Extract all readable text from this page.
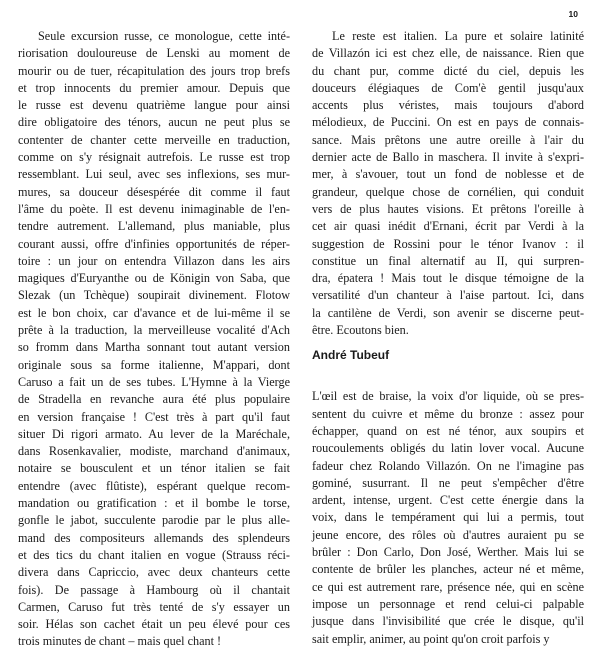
10
Seule excursion russe, ce monologue, cette inté-
riorisation douloureuse de Lenski au moment de
mourir ou de tuer, récapitulation des jours trop brefs
et trop innocents du premier amour. Depuis que
le russe est devenu quatrième langue pour ainsi
dire obligatoire des ténors, aucun ne peut plus se
contenter de chanter cette merveille en traduction,
comme on s'y résignait autrefois. Le russe est trop
ressemblant. Lui seul, avec ses inflexions, ses mur-
mures, sa douceur désespérée dit comme il faut
l'âme du poète. Il est devenu inimaginable de l'en-
tendre autrement. L'allemand, plus maniable, plus
courant aussi, offre d'infinies opportunités de réper-
toire : un jour on entendra Villazon dans les airs
magiques d'Euryanthe ou de Königin von Saba, que
Slezak (un Tchèque) soupirait divinement. Flotow
est le bon choix, car d'avance et de lui-même il se
prête à la traduction, la merveilleuse vocalité d'Ach
so fromm dans Martha sonnant tout autant version
originale sous sa forme italienne, M'appari, dont
Caruso a fait un de ses tubes. L'Hymne à la Vierge
de Stradella en revanche aura été plus populaire
en version française ! C'est très à part qu'il faut
situer Di rigori armato. Au lever de la Maréchale,
dans Rosenkavalier, modiste, marchand d'animaux,
notaire se bousculent et un ténor italien se fait
entendre (avec flûtiste), espérant quelque recom-
mandation ou gratification : et il bombe le torse,
gonfle le jabot, succulente parodie par le plus alle-
mand des compositeurs allemands des splendeurs
et des tics du chant italien en vogue (Strauss réci-
divera dans Capriccio, avec deux chanteurs cette
fois). De passage à Hambourg où il chantait
Carmen, Caruso fut très tenté de s'y essayer un
soir. Hélas son cachet était un peu élevé pour ces
trois minutes de chant – mais quel chant !
Le reste est italien. La pure et solaire latinité
de Villazón ici est chez elle, de naissance. Rien que
du chant pur, comme dicté du ciel, depuis les
douceurs élégiaques de Com'è gentil jusqu'aux
accents plus véristes, mais toujours d'abord
mélodieux, de Puccini. On est en pays de connais-
sance. Mais prêtons une autre oreille à l'air du
dernier acte de Ballo in maschera. Il invite à s'expri-
mer, à s'avouer, tout un fond de noblesse et de
grandeur, quelque chose de cornélien, qui conduit
vers de plus hautes visions. Et prêtons l'oreille à
cet air quasi inédit d'Ernani, écrit par Verdi à la
suggestion de Rossini pour le ténor Ivanov : il
constitue un final alternatif au II, qui surpren-
dra, épatera ! Mais tout le disque témoigne de la
versatilité d'un chanteur à l'aise partout. Ici, dans
la cantilène de Verdi, son avenir se discerne peut-
être. Ecoutons bien.
André Tubeuf
L'œil est de braise, la voix d'or liquide, où se pres-
sentent du cuivre et même du bronze : assez pour
échapper, quand on est né ténor, aux soupirs et
roucoulements obligés du latin lover vocal. Aucune
fadeur chez Rolando Villazón. On ne l'imagine pas
gominé, susurrant. Il ne peut s'empêcher d'être
ardent, intense, urgent. C'est cette énergie dans la
voix, dans le tempérament qui lui a permis, tout
jeune encore, des rôles où d'autres auraient pu se
brûler : Don Carlo, Don José, Werther. Mais lui se
contente de brûler les planches, acteur né et même,
ce qui est autrement rare, présence née, qui en scène
impose un personnage et rend celui-ci palpable
jusque dans l'invisibilité que crée le disque, qu'il
sait emplir, animer, au point qu'on croit parfois y
